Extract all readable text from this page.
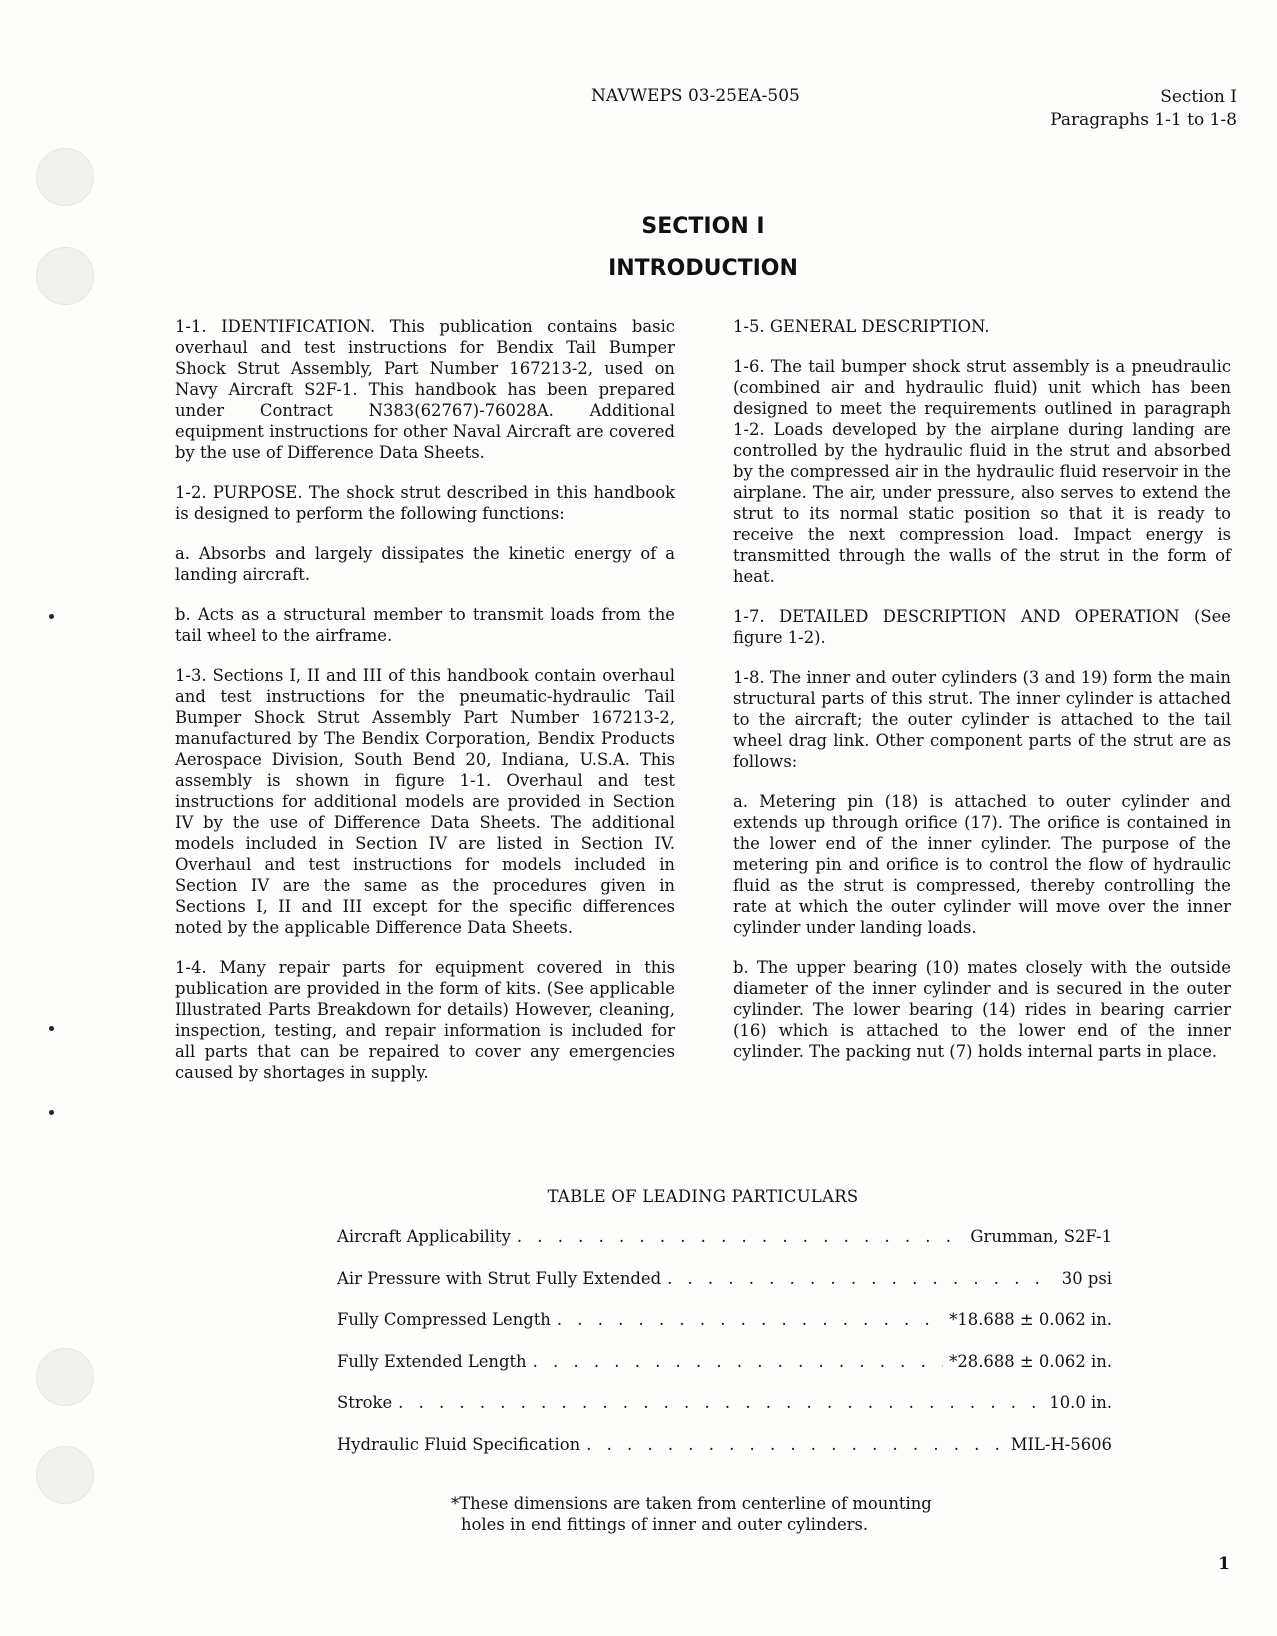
NAVWEPS 03-25EA-505	Section I
Paragraphs 1-1 to 1-8
SECTION I
INTRODUCTION

1-1. IDENTIFICATION. This publication contains basic overhaul and test instructions for Bendix Tail Bumper Shock Strut Assembly, Part Number 167213-2, used on Navy Aircraft S2F-1. This handbook has been prepared under Contract N383(62767)-76028A. Additional equipment instructions for other Naval Aircraft are covered by the use of Difference Data Sheets.

1-2. PURPOSE. The shock strut described in this handbook is designed to perform the following functions:

a. Absorbs and largely dissipates the kinetic energy of a landing aircraft.

b. Acts as a structural member to transmit loads from the tail wheel to the airframe.

1-3. Sections I, II and III of this handbook contain overhaul and test instructions for the pneumatic-hydraulic Tail Bumper Shock Strut Assembly Part Number 167213-2, manufactured by The Bendix Corporation, Bendix Products Aerospace Division, South Bend 20, Indiana, U.S.A. This assembly is shown in figure 1-1. Overhaul and test instructions for additional models are provided in Section IV by the use of Difference Data Sheets. The additional models included in Section IV are listed in Section IV. Overhaul and test instructions for models included in Section IV are the same as the procedures given in Sections I, II and III except for the specific differences noted by the applicable Difference Data Sheets.

1-4. Many repair parts for equipment covered in this publication are provided in the form of kits. (See applicable Illustrated Parts Breakdown for details) However, cleaning, inspection, testing, and repair information is included for all parts that can be repaired to cover any emergencies caused by shortages in supply.

1-5. GENERAL DESCRIPTION.

1-6. The tail bumper shock strut assembly is a pneudraulic (combined air and hydraulic fluid) unit which has been designed to meet the requirements outlined in paragraph 1-2. Loads developed by the airplane during landing are controlled by the hydraulic fluid in the strut and absorbed by the compressed air in the hydraulic fluid reservoir in the airplane. The air, under pressure, also serves to extend the strut to its normal static position so that it is ready to receive the next compression load. Impact energy is transmitted through the walls of the strut in the form of heat.

1-7. DETAILED DESCRIPTION AND OPERATION (See figure 1-2).

1-8. The inner and outer cylinders (3 and 19) form the main structural parts of this strut. The inner cylinder is attached to the aircraft; the outer cylinder is attached to the tail wheel drag link. Other component parts of the strut are as follows:

a. Metering pin (18) is attached to outer cylinder and extends up through orifice (17). The orifice is contained in the lower end of the inner cylinder. The purpose of the metering pin and orifice is to control the flow of hydraulic fluid as the strut is compressed, thereby controlling the rate at which the outer cylinder will move over the inner cylinder under landing loads.

b. The upper bearing (10) mates closely with the outside diameter of the inner cylinder and is secured in the outer cylinder. The lower bearing (14) rides in bearing carrier (16) which is attached to the lower end of the inner cylinder. The packing nut (7) holds internal parts in place.

TABLE OF LEADING PARTICULARS
Aircraft Applicability . . .	Grumman, S2F-1
Air Pressure with Strut Fully Extended . . .	30 psi
Fully Compressed Length . . .	*18.688 ± 0.062 in.
Fully Extended Length . . .	*28.688 ± 0.062 in.
Stroke . . .	10.0 in.
Hydraulic Fluid Specification . . .	MIL-H-5606
*These dimensions are taken from centerline of mounting
holes in end fittings of inner and outer cylinders.
1
